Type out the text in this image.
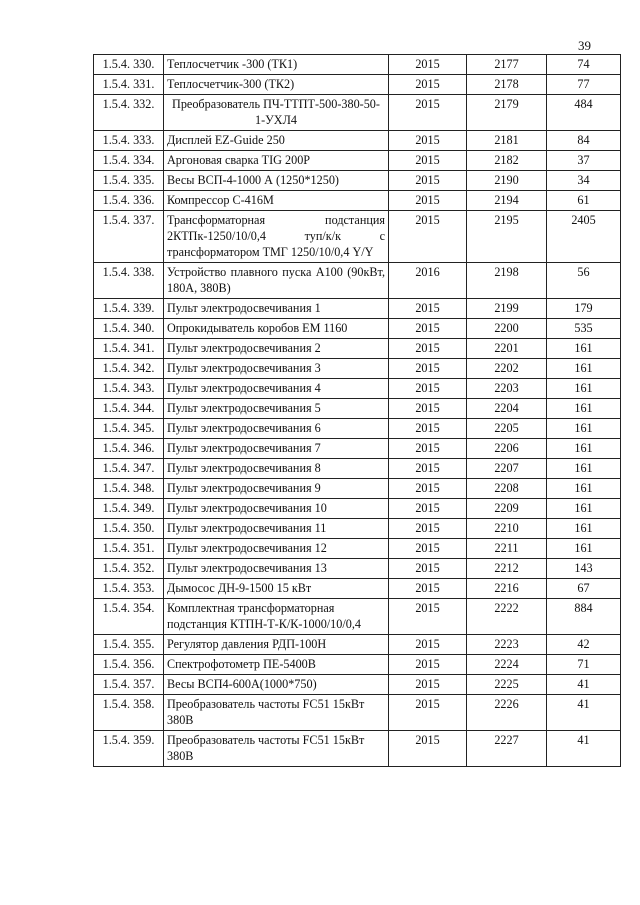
39
1.5.4. 330.	Теплосчетчик -300 (ТК1)	2015	2177	74
1.5.4. 331.	Теплосчетчик-300 (ТК2)	2015	2178	77
1.5.4. 332.	Преобразователь ПЧ-ТТПТ-500-380-50-1-УХЛ4	2015	2179	484
1.5.4. 333.	Дисплей EZ-Guide 250	2015	2181	84
1.5.4. 334.	Аргоновая сварка TIG 200P	2015	2182	37
1.5.4. 335.	Весы ВСП-4-1000 А (1250*1250)	2015	2190	34
1.5.4. 336.	Компрессор С-416М	2015	2194	61
1.5.4. 337.	Трансформаторная подстанция 2КТПк-1250/10/0,4 туп/к/к с трансформатором ТМГ 1250/10/0,4 Y/Y	2015	2195	2405
1.5.4. 338.	Устройство плавного пуска А100 (90кВт, 180А, 380В)	2016	2198	56
1.5.4. 339.	Пульт электродосвечивания 1	2015	2199	179
1.5.4. 340.	Опрокидыватель коробов ЕМ 1160	2015	2200	535
1.5.4. 341.	Пульт электродосвечивания 2	2015	2201	161
1.5.4. 342.	Пульт электродосвечивания 3	2015	2202	161
1.5.4. 343.	Пульт электродосвечивания 4	2015	2203	161
1.5.4. 344.	Пульт электродосвечивания 5	2015	2204	161
1.5.4. 345.	Пульт электродосвечивания 6	2015	2205	161
1.5.4. 346.	Пульт электродосвечивания 7	2015	2206	161
1.5.4. 347.	Пульт электродосвечивания 8	2015	2207	161
1.5.4. 348.	Пульт электродосвечивания 9	2015	2208	161
1.5.4. 349.	Пульт электродосвечивания 10	2015	2209	161
1.5.4. 350.	Пульт электродосвечивания 11	2015	2210	161
1.5.4. 351.	Пульт электродосвечивания 12	2015	2211	161
1.5.4. 352.	Пульт электродосвечивания 13	2015	2212	143
1.5.4. 353.	Дымосос ДН-9-1500 15 кВт	2015	2216	67
1.5.4. 354.	Комплектная трансформаторная подстанция КТПН-Т-К/К-1000/10/0,4	2015	2222	884
1.5.4. 355.	Регулятор давления РДП-100Н	2015	2223	42
1.5.4. 356.	Спектрофотометр ПЕ-5400В	2015	2224	71
1.5.4. 357.	Весы ВСП4-600А(1000*750)	2015	2225	41
1.5.4. 358.	Преобразователь частоты FC51 15кВт 380В	2015	2226	41
1.5.4. 359.	Преобразователь частоты FC51 15кВт 380В	2015	2227	41
